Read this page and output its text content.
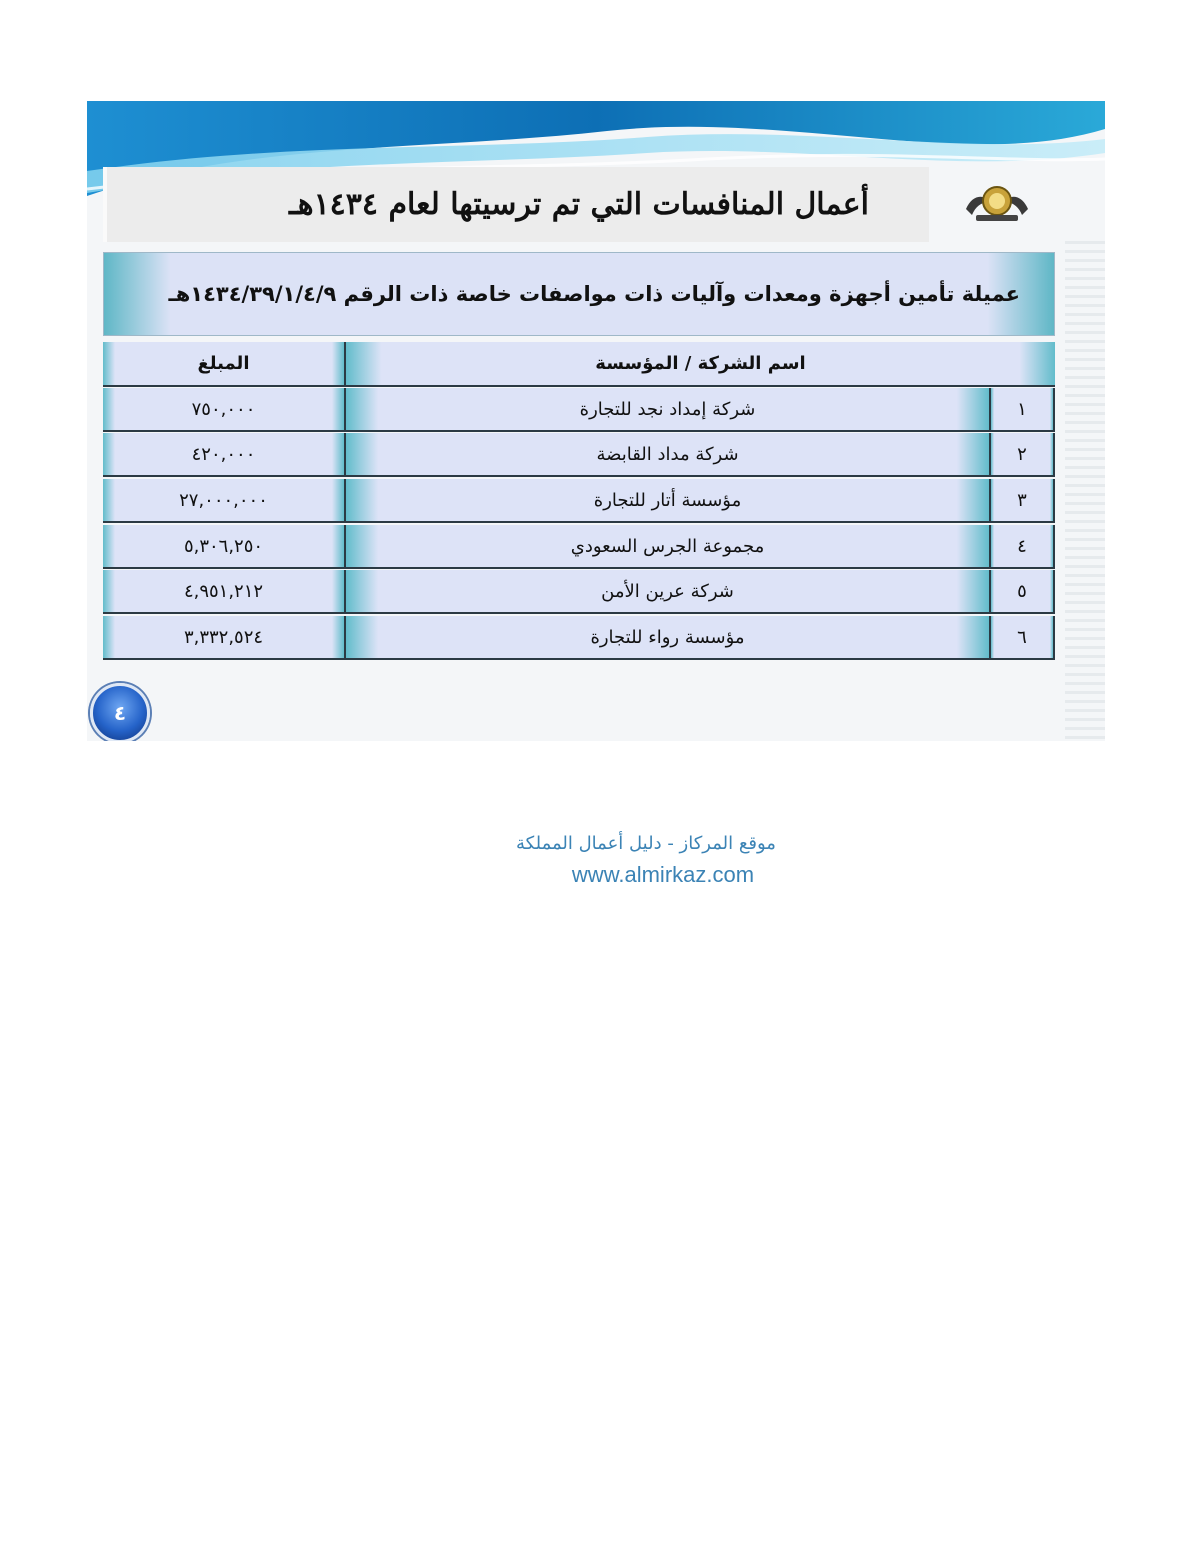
أعمال المنافسات التي تم ترسيتها لعام ١٤٣٤هـ
عميلة تأمين أجهزة ومعدات وآليات ذات مواصفات خاصة ذات الرقم ١٤٣٤/٣٩/١/٤/٩هـ
المبلغ	اسم الشركة / المؤسسة
٧٥٠,٠٠٠	شركة إمداد نجد للتجارة	١
٤٢٠,٠٠٠	شركة مداد القابضة	٢
٢٧,٠٠٠,٠٠٠	مؤسسة أتار للتجارة	٣
٥,٣٠٦,٢٥٠	مجموعة الجرس السعودي	٤
٤,٩٥١,٢١٢	شركة عرين الأمن	٥
٣,٣٣٢,٥٢٤	مؤسسة رواء للتجارة	٦
٤
موقع المركاز - دليل أعمال المملكة
www.almirkaz.com
